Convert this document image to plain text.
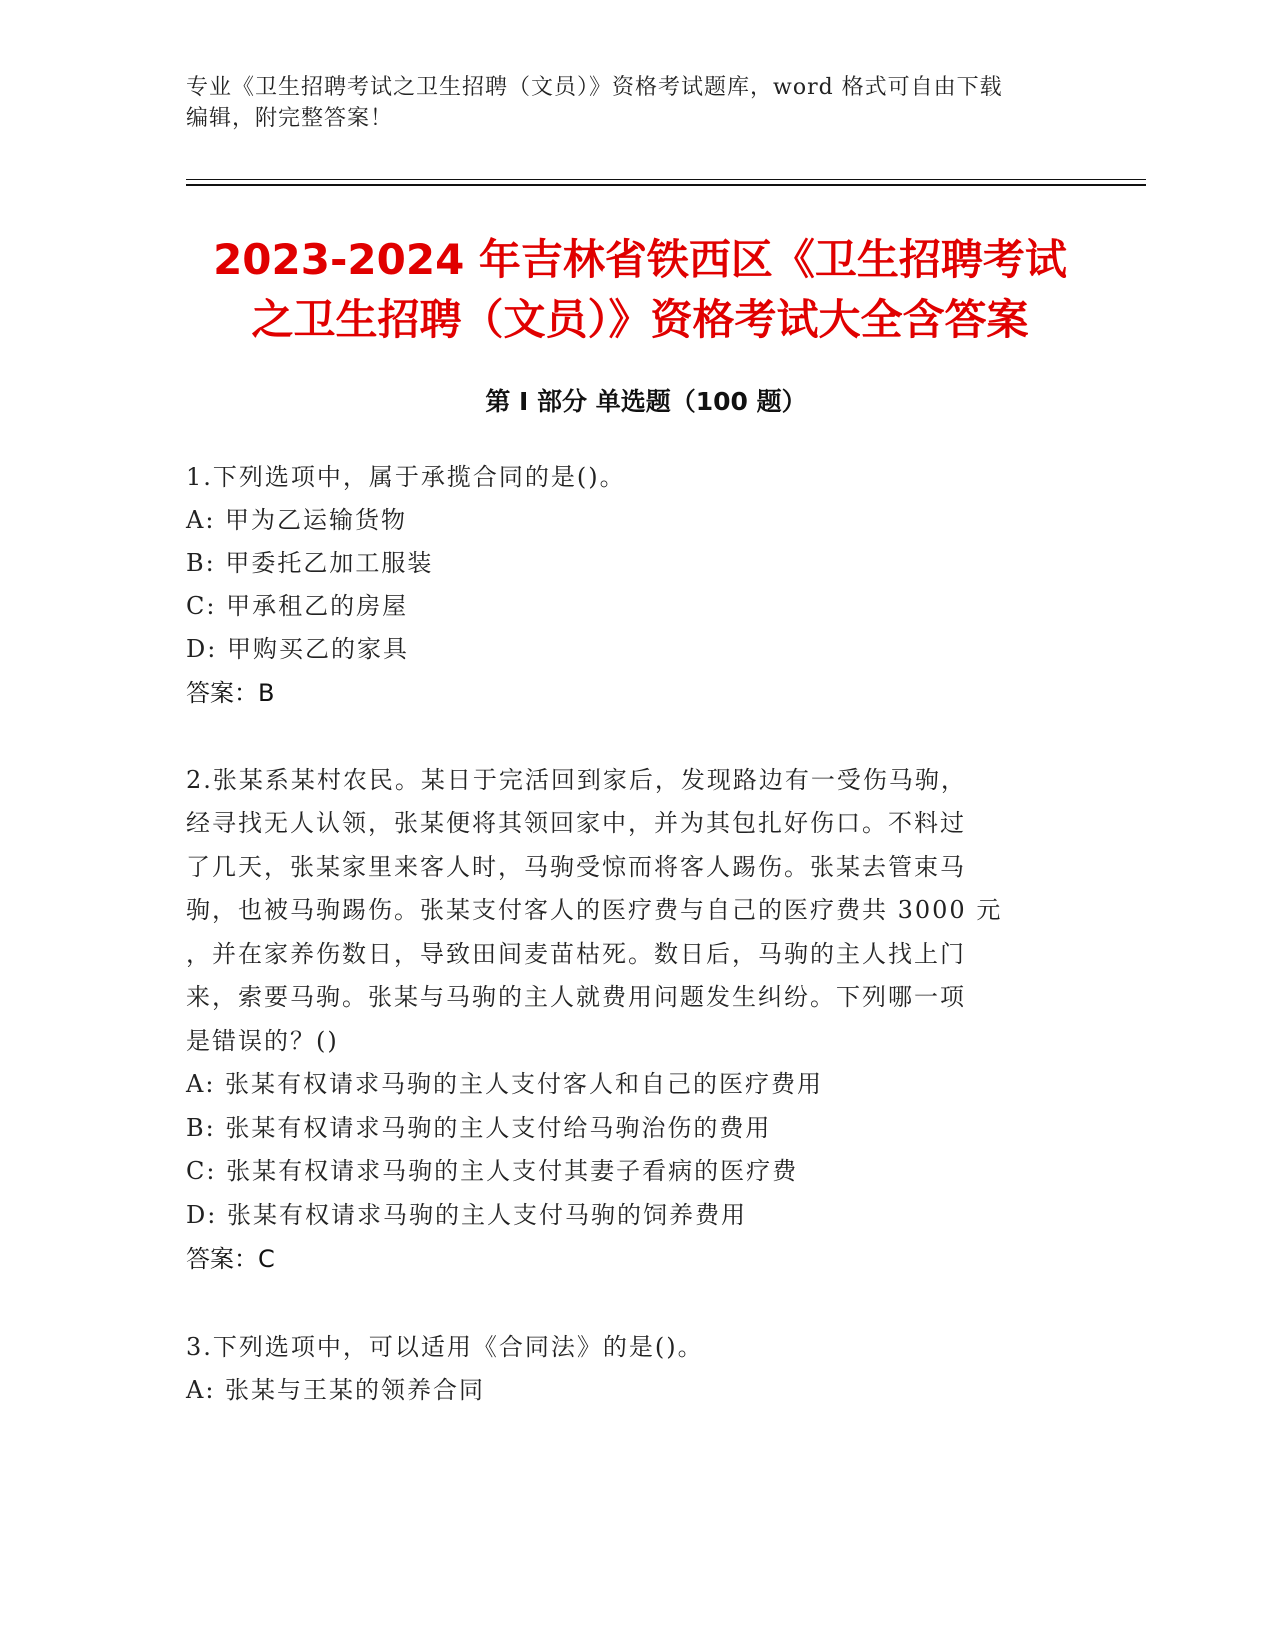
专业《卫生招聘考试之卫生招聘（文员）》资格考试题库，word 格式可自由下载
编辑，附完整答案！
2023-2024 年吉林省铁西区《卫生招聘考试
之卫生招聘（文员）》资格考试大全含答案
第 I 部分 单选题（100 题）
1.下列选项中，属于承揽合同的是()。
A: 甲为乙运输货物
B: 甲委托乙加工服装
C: 甲承租乙的房屋
D: 甲购买乙的家具
答案：B
2.张某系某村农民。某日于完活回到家后，发现路边有一受伤马驹，
经寻找无人认领，张某便将其领回家中，并为其包扎好伤口。不料过
了几天，张某家里来客人时，马驹受惊而将客人踢伤。张某去管束马
驹，也被马驹踢伤。张某支付客人的医疗费与自己的医疗费共 3000 元
，并在家养伤数日，导致田间麦苗枯死。数日后，马驹的主人找上门
来，索要马驹。张某与马驹的主人就费用问题发生纠纷。下列哪一项
是错误的？()
A: 张某有权请求马驹的主人支付客人和自己的医疗费用
B: 张某有权请求马驹的主人支付给马驹治伤的费用
C: 张某有权请求马驹的主人支付其妻子看病的医疗费
D: 张某有权请求马驹的主人支付马驹的饲养费用
答案：C
3.下列选项中，可以适用《合同法》的是()。
A: 张某与王某的领养合同
